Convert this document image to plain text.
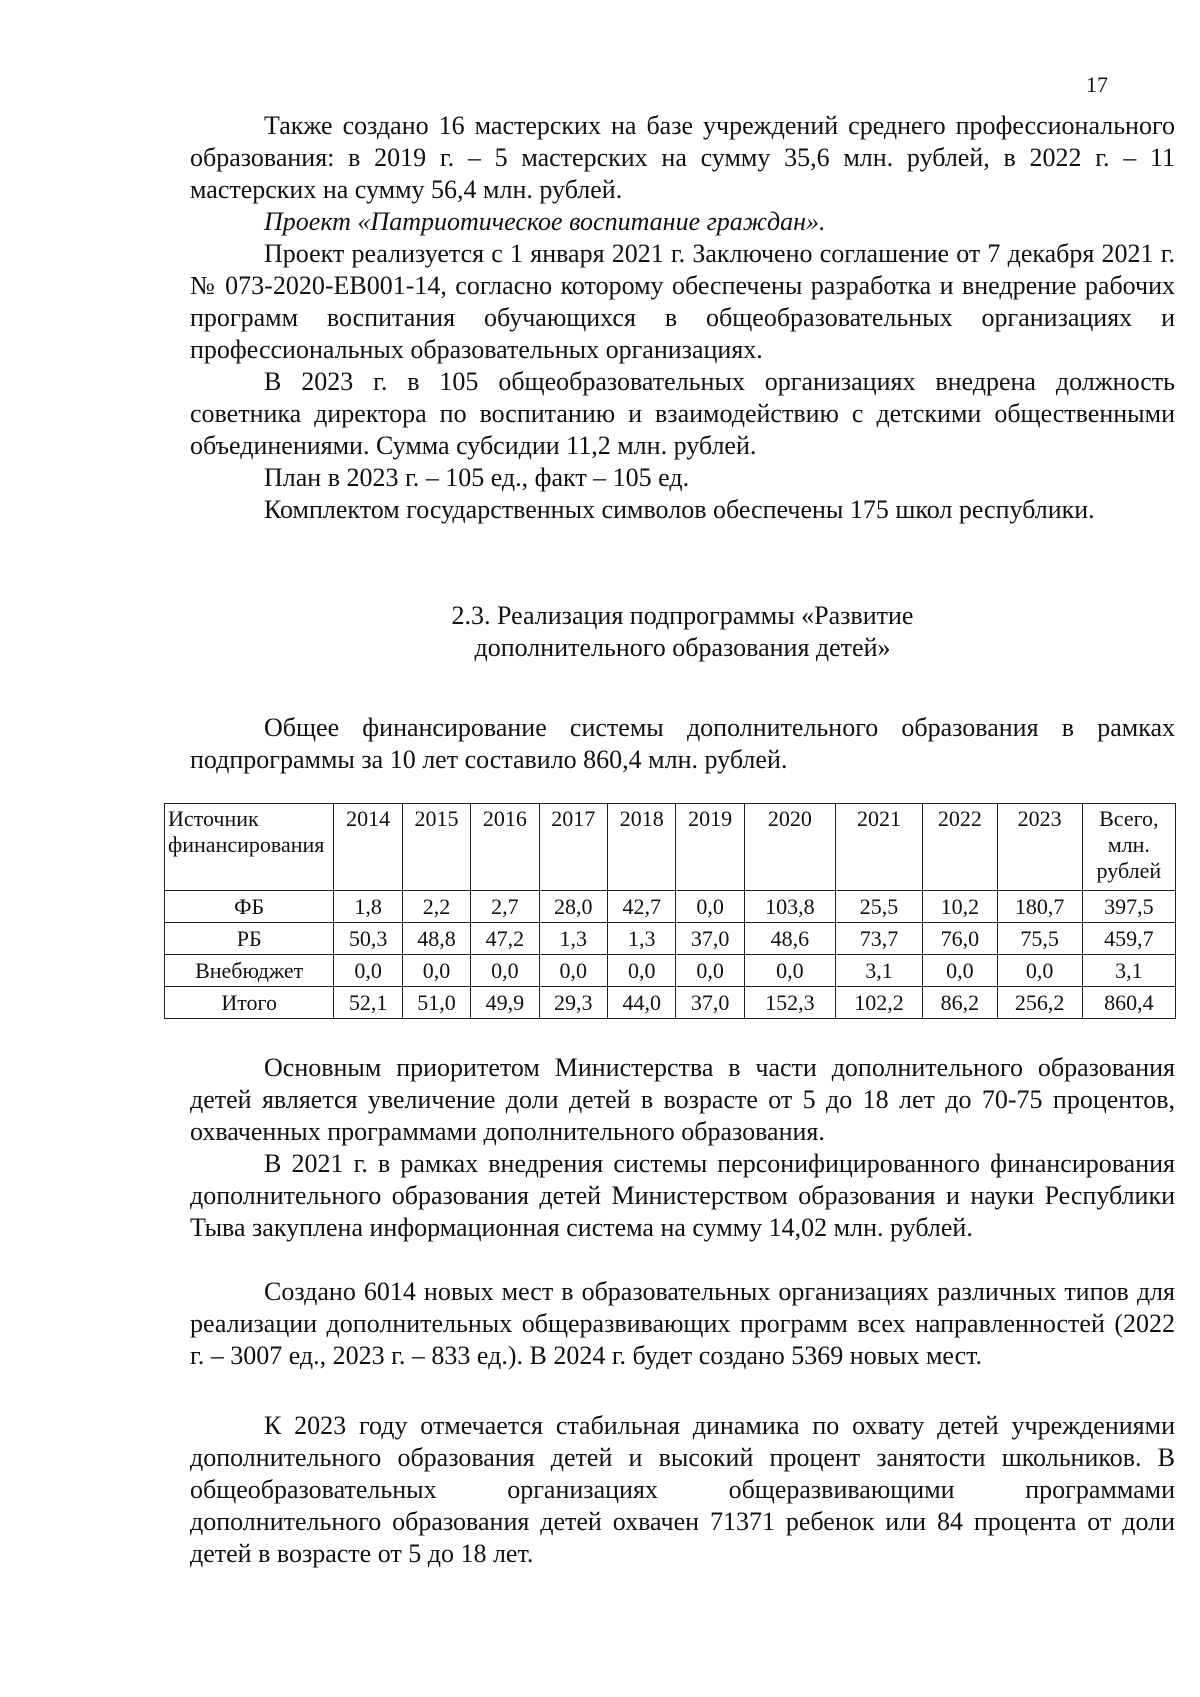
17

Также создано 16 мастерских на базе учреждений среднего профессионального образования: в 2019 г. – 5 мастерских на сумму 35,6 млн. рублей, в 2022 г. – 11 мастерских на сумму 56,4 млн. рублей.

Проект «Патриотическое воспитание граждан».

Проект реализуется с 1 января 2021 г. Заключено соглашение от 7 декабря 2021 г. № 073-2020-ЕВ001-14, согласно которому обеспечены разработка и внедрение рабочих программ воспитания обучающихся в общеобразовательных организациях и профессиональных образовательных организациях.

В 2023 г. в 105 общеобразовательных организациях внедрена должность советника директора по воспитанию и взаимодействию с детскими общественными объединениями. Сумма субсидии 11,2 млн. рублей.

План в 2023 г. – 105 ед., факт – 105 ед.

Комплектом государственных символов обеспечены 175 школ республики.

2.3. Реализация подпрограммы «Развитие

дополнительного образования детей»

Общее финансирование системы дополнительного образования в рамках подпрограммы за 10 лет составило 860,4 млн. рублей.

Источник финансирования	2014	2015	2016	2017	2018	2019	2020	2021	2022	2023	Всего, млн. рублей
ФБ	1,8	2,2	2,7	28,0	42,7	0,0	103,8	25,5	10,2	180,7	397,5
РБ	50,3	48,8	47,2	1,3	1,3	37,0	48,6	73,7	76,0	75,5	459,7
Внебюджет	0,0	0,0	0,0	0,0	0,0	0,0	0,0	3,1	0,0	0,0	3,1
Итого	52,1	51,0	49,9	29,3	44,0	37,0	152,3	102,2	86,2	256,2	860,4

Основным приоритетом Министерства в части дополнительного образования детей является увеличение доли детей в возрасте от 5 до 18 лет до 70-75 процентов, охваченных программами дополнительного образования.

В 2021 г. в рамках внедрения системы персонифицированного финансирования дополнительного образования детей Министерством образования и науки Республики Тыва закуплена информационная система на сумму 14,02 млн. рублей.

Создано 6014 новых мест в образовательных организациях различных типов для реализации дополнительных общеразвивающих программ всех направленностей (2022 г. – 3007 ед., 2023 г. – 833 ед.). В 2024 г. будет создано 5369 новых мест.

К 2023 году отмечается стабильная динамика по охвату детей учреждениями дополнительного образования детей и высокий процент занятости школьников. В общеобразовательных организациях общеразвивающими программами дополнительного образования детей охвачен 71371 ребенок или 84 процента от доли детей в возрасте от 5 до 18 лет.
